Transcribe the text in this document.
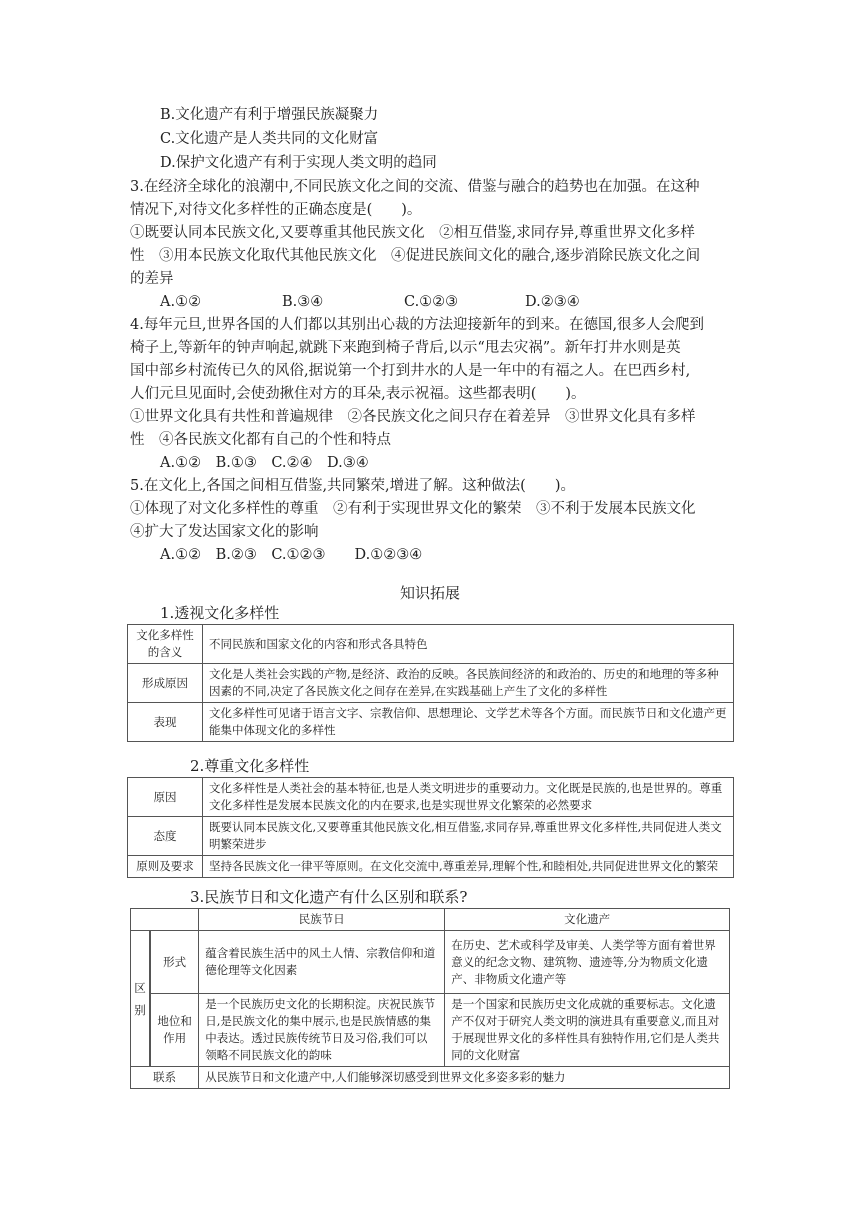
B.文化遗产有利于增强民族凝聚力
C.文化遗产是人类共同的文化财富
D.保护文化遗产有利于实现人类文明的趋同
3.在经济全球化的浪潮中,不同民族文化之间的交流、借鉴与融合的趋势也在加强。在这种
情况下,对待文化多样性的正确态度是(　　)。
①既要认同本民族文化,又要尊重其他民族文化　②相互借鉴,求同存异,尊重世界文化多样
性　③用本民族文化取代其他民族文化　④促进民族间文化的融合,逐步消除民族文化之间
的差异
A.①②	B.③④	C.①②③	D.②③④
4.每年元旦,世界各国的人们都以其别出心裁的方法迎接新年的到来。在德国,很多人会爬到
椅子上,等新年的钟声响起,就跳下来跑到椅子背后,以示“甩去灾祸”。新年打井水则是英
国中部乡村流传已久的风俗,据说第一个打到井水的人是一年中的有福之人。在巴西乡村,
人们元旦见面时,会使劲揪住对方的耳朵,表示祝福。这些都表明(　　)。
①世界文化具有共性和普遍规律　②各民族文化之间只存在着差异　③世界文化具有多样
性　④各民族文化都有自己的个性和特点
A.①②　B.①③　C.②④　D.③④
5.在文化上,各国之间相互借鉴,共同繁荣,增进了解。这种做法(　　)。
①体现了对文化多样性的尊重　②有利于实现世界文化的繁荣　③不利于发展本民族文化
④扩大了发达国家文化的影响
A.①②　B.②③　C.①②③　　D.①②③④
知识拓展
1.透视文化多样性
文化多样性的含义	不同民族和国家文化的内容和形式各具特色
形成原因	文化是人类社会实践的产物,是经济、政治的反映。各民族间经济的和政治的、历史的和地理的等多种因素的不同,决定了各民族文化之间存在差异,在实践基础上产生了文化的多样性
表现	文化多样性可见诸于语言文字、宗教信仰、思想理论、文学艺术等各个方面。而民族节日和文化遗产更能集中体现文化的多样性
2.尊重文化多样性
原因	文化多样性是人类社会的基本特征,也是人类文明进步的重要动力。文化既是民族的,也是世界的。尊重文化多样性是发展本民族文化的内在要求,也是实现世界文化繁荣的必然要求
态度	既要认同本民族文化,又要尊重其他民族文化,相互借鉴,求同存异,尊重世界文化多样性,共同促进人类文明繁荣进步
原则及要求	坚持各民族文化一律平等原则。在文化交流中,尊重差异,理解个性,和睦相处,共同促进世界文化的繁荣
3.民族节日和文化遗产有什么区别和联系?
		民族节日	文化遗产
区别		形式	蕴含着民族生活中的风土人情、宗教信仰和道德伦理等文化因素	在历史、艺术或科学及审美、人类学等方面有着世界意义的纪念文物、建筑物、遗迹等,分为物质文化遗产、非物质文化遗产等
	地位和作用	是一个民族历史文化的长期积淀。庆祝民族节日,是民族文化的集中展示,也是民族情感的集中表达。透过民族传统节日及习俗,我们可以领略不同民族文化的韵味	是一个国家和民族历史文化成就的重要标志。文化遗产不仅对于研究人类文明的演进具有重要意义,而且对于展现世界文化的多样性具有独特作用,它们是人类共同的文化财富
联系		从民族节日和文化遗产中,人们能够深切感受到世界文化多姿多彩的魅力	
